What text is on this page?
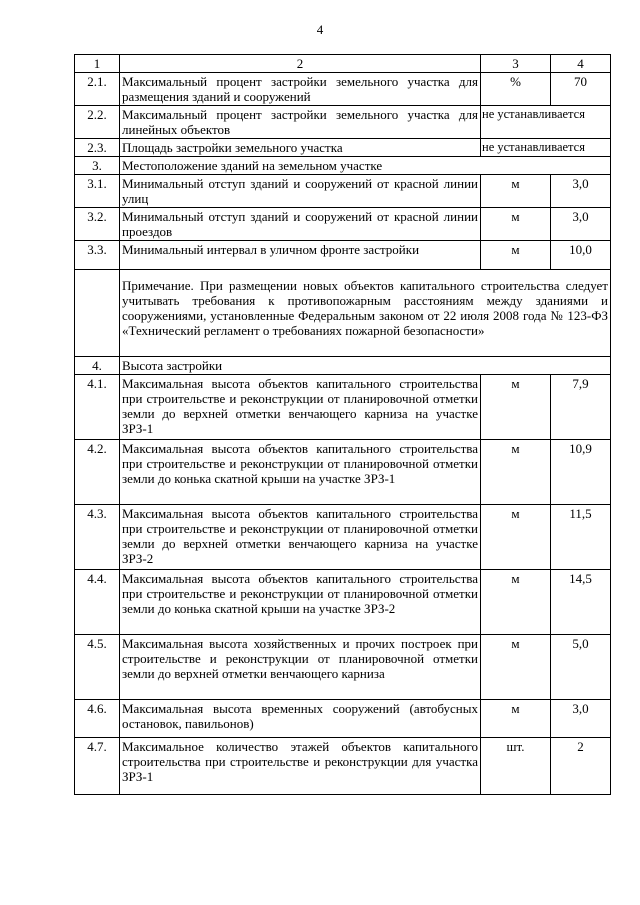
4
1	2	3	4
2.1.	Максимальный процент застройки земельного участка для размещения зданий и сооружений	%	70
2.2.	Максимальный процент застройки земельного участка для линейных объектов	не устанавливается	
2.3.	Площадь застройки земельного участка	не устанавливается	
3.	Местоположение зданий на земельном участке		
3.1.	Минимальный отступ зданий и сооружений от красной линии улиц	м	3,0
3.2.	Минимальный отступ зданий и сооружений от красной линии проездов	м	3,0
3.3.	Минимальный интервал в уличном фронте застройки	м	10,0
	Примечание. При размещении новых объектов капитального строительства следует учитывать требования к противопожарным расстояниям между зданиями и сооружениями, установленные Федеральным законом от 22 июля 2008 года № 123-ФЗ «Технический регламент о требованиях пожарной безопасности»		
4.	Высота застройки		
4.1.	Максимальная высота объектов капитального строительства при строительстве и реконструкции от планировочной отметки земли до верхней отметки венчающего карниза на участке ЗРЗ-1	м	7,9
4.2.	Максимальная высота объектов капитального строительства при строительстве и реконструкции от планировочной отметки земли до конька скатной крыши на участке ЗРЗ-1	м	10,9
4.3.	Максимальная высота объектов капитального строительства при строительстве и реконструкции от планировочной отметки земли до верхней отметки венчающего карниза на участке ЗРЗ-2	м	11,5
4.4.	Максимальная высота объектов капитального строительства при строительстве и реконструкции от планировочной отметки земли до конька скатной крыши на участке ЗРЗ-2	м	14,5
4.5.	Максимальная высота хозяйственных и прочих построек при строительстве и реконструкции от планировочной отметки земли до верхней отметки венчающего карниза	м	5,0
4.6.	Максимальная высота временных сооружений (автобусных остановок, павильонов)	м	3,0
4.7.	Максимальное количество этажей объектов капитального строительства при строительстве и реконструкции для участка ЗРЗ-1	шт.	2
